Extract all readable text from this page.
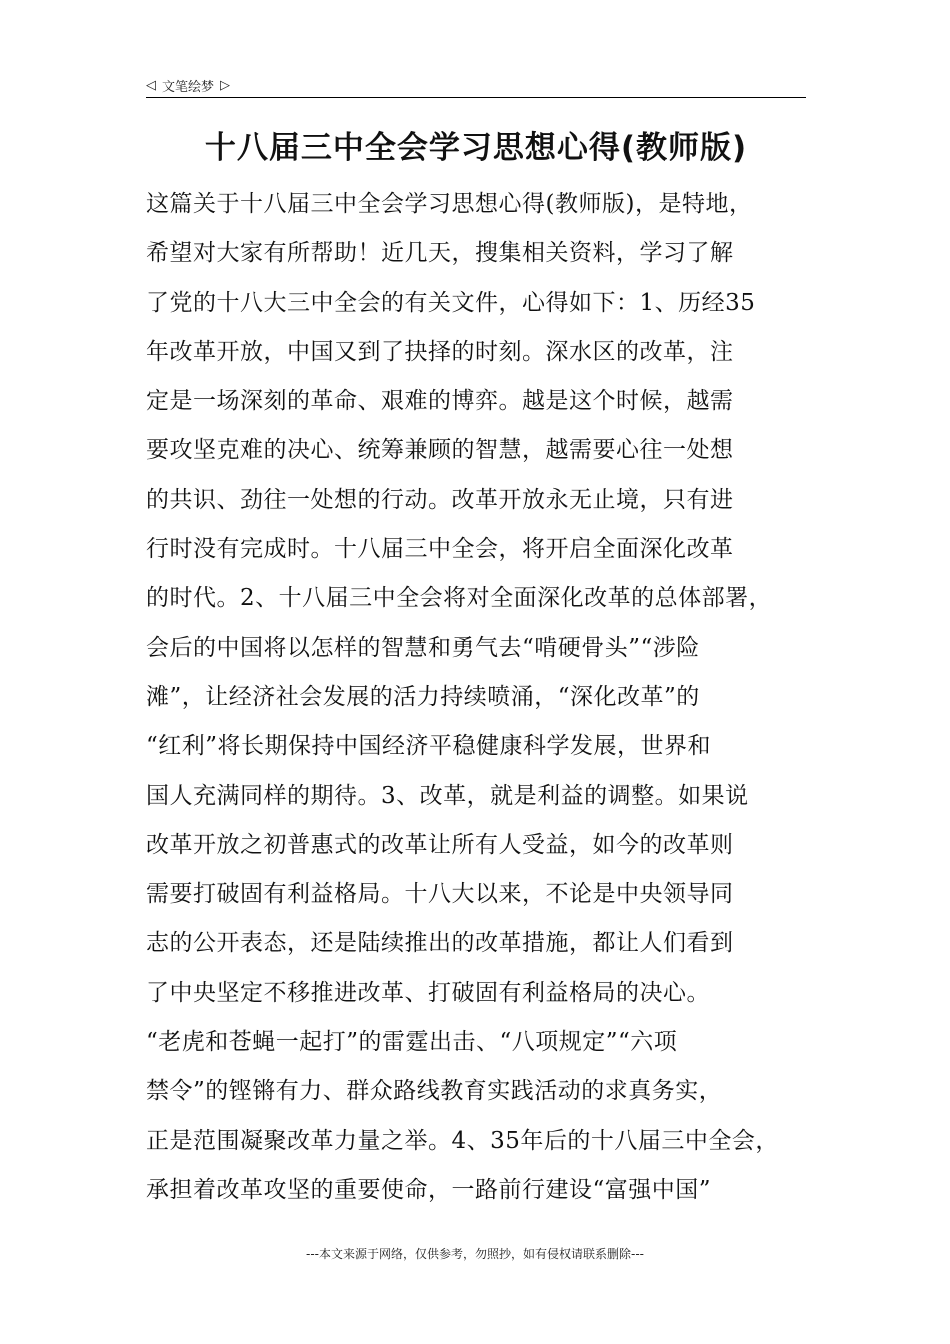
◁ 文笔绘梦 ▷
十八届三中全会学习思想心得(教师版)
这篇关于十八届三中全会学习思想心得(教师版)，是特地，
希望对大家有所帮助！近几天，搜集相关资料，学习了解
了党的十八大三中全会的有关文件，心得如下：1、历经35
年改革开放，中国又到了抉择的时刻。深水区的改革，注
定是一场深刻的革命、艰难的博弈。越是这个时候，越需
要攻坚克难的决心、统筹兼顾的智慧，越需要心往一处想
的共识、劲往一处想的行动。改革开放永无止境，只有进
行时没有完成时。十八届三中全会，将开启全面深化改革
的时代。2、十八届三中全会将对全面深化改革的总体部署，
会后的中国将以怎样的智慧和勇气去“啃硬骨头”“涉险
滩”，让经济社会发展的活力持续喷涌，“深化改革”的
“红利”将长期保持中国经济平稳健康科学发展，世界和
国人充满同样的期待。3、改革，就是利益的调整。如果说
改革开放之初普惠式的改革让所有人受益，如今的改革则
需要打破固有利益格局。十八大以来，不论是中央领导同
志的公开表态，还是陆续推出的改革措施，都让人们看到
了中央坚定不移推进改革、打破固有利益格局的决心。
“老虎和苍蝇一起打”的雷霆出击、“八项规定”“六项
禁令”的铿锵有力、群众路线教育实践活动的求真务实，
正是范围凝聚改革力量之举。4、35年后的十八届三中全会，
承担着改革攻坚的重要使命，一路前行建设“富强中国”
---本文来源于网络，仅供参考，勿照抄，如有侵权请联系删除---
